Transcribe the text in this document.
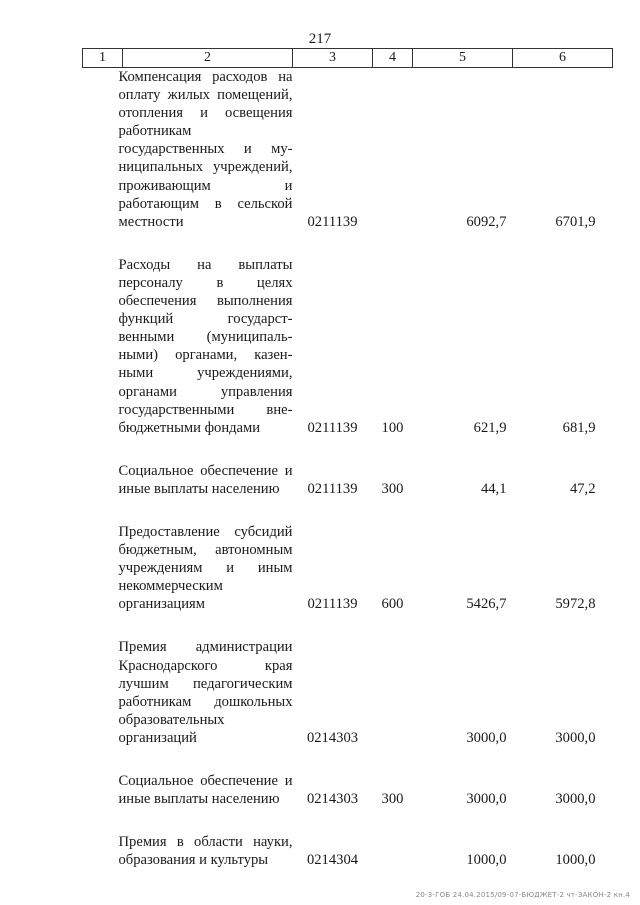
217
1	2	3	4	5	6
Компенсация расходов на оплату жилых помещений, отопления и освещения работникам государственных и муниципальных учреждений, проживающим и работающим в сельской местности		0211139		6092,7	6701,9

Расходы на выплаты персоналу в целях обеспечения выполнения функций государственными (муниципальными) органами, казенными учреждениями, органами управления государственными внебюджетными фондами		0211139	100	621,9	681,9

Социальное обеспечение и иные выплаты населению		0211139	300	44,1	47,2

Предоставление субсидий бюджетным, автономным учреждениям и иным некоммерческим организациям		0211139	600	5426,7	5972,8

Премия администрации Краснодарского края лучшим педагогическим работникам дошкольных образовательных организаций		0214303		3000,0	3000,0

Социальное обеспечение и иные выплаты населению		0214303	300	3000,0	3000,0

Премия в области науки, образования и культуры		0214304		1000,0	1000,0
20-3-ГОБ 24.04.2015/09-07-БЮДЖЕТ-2 чт-ЗАКОН-2 кн.4
